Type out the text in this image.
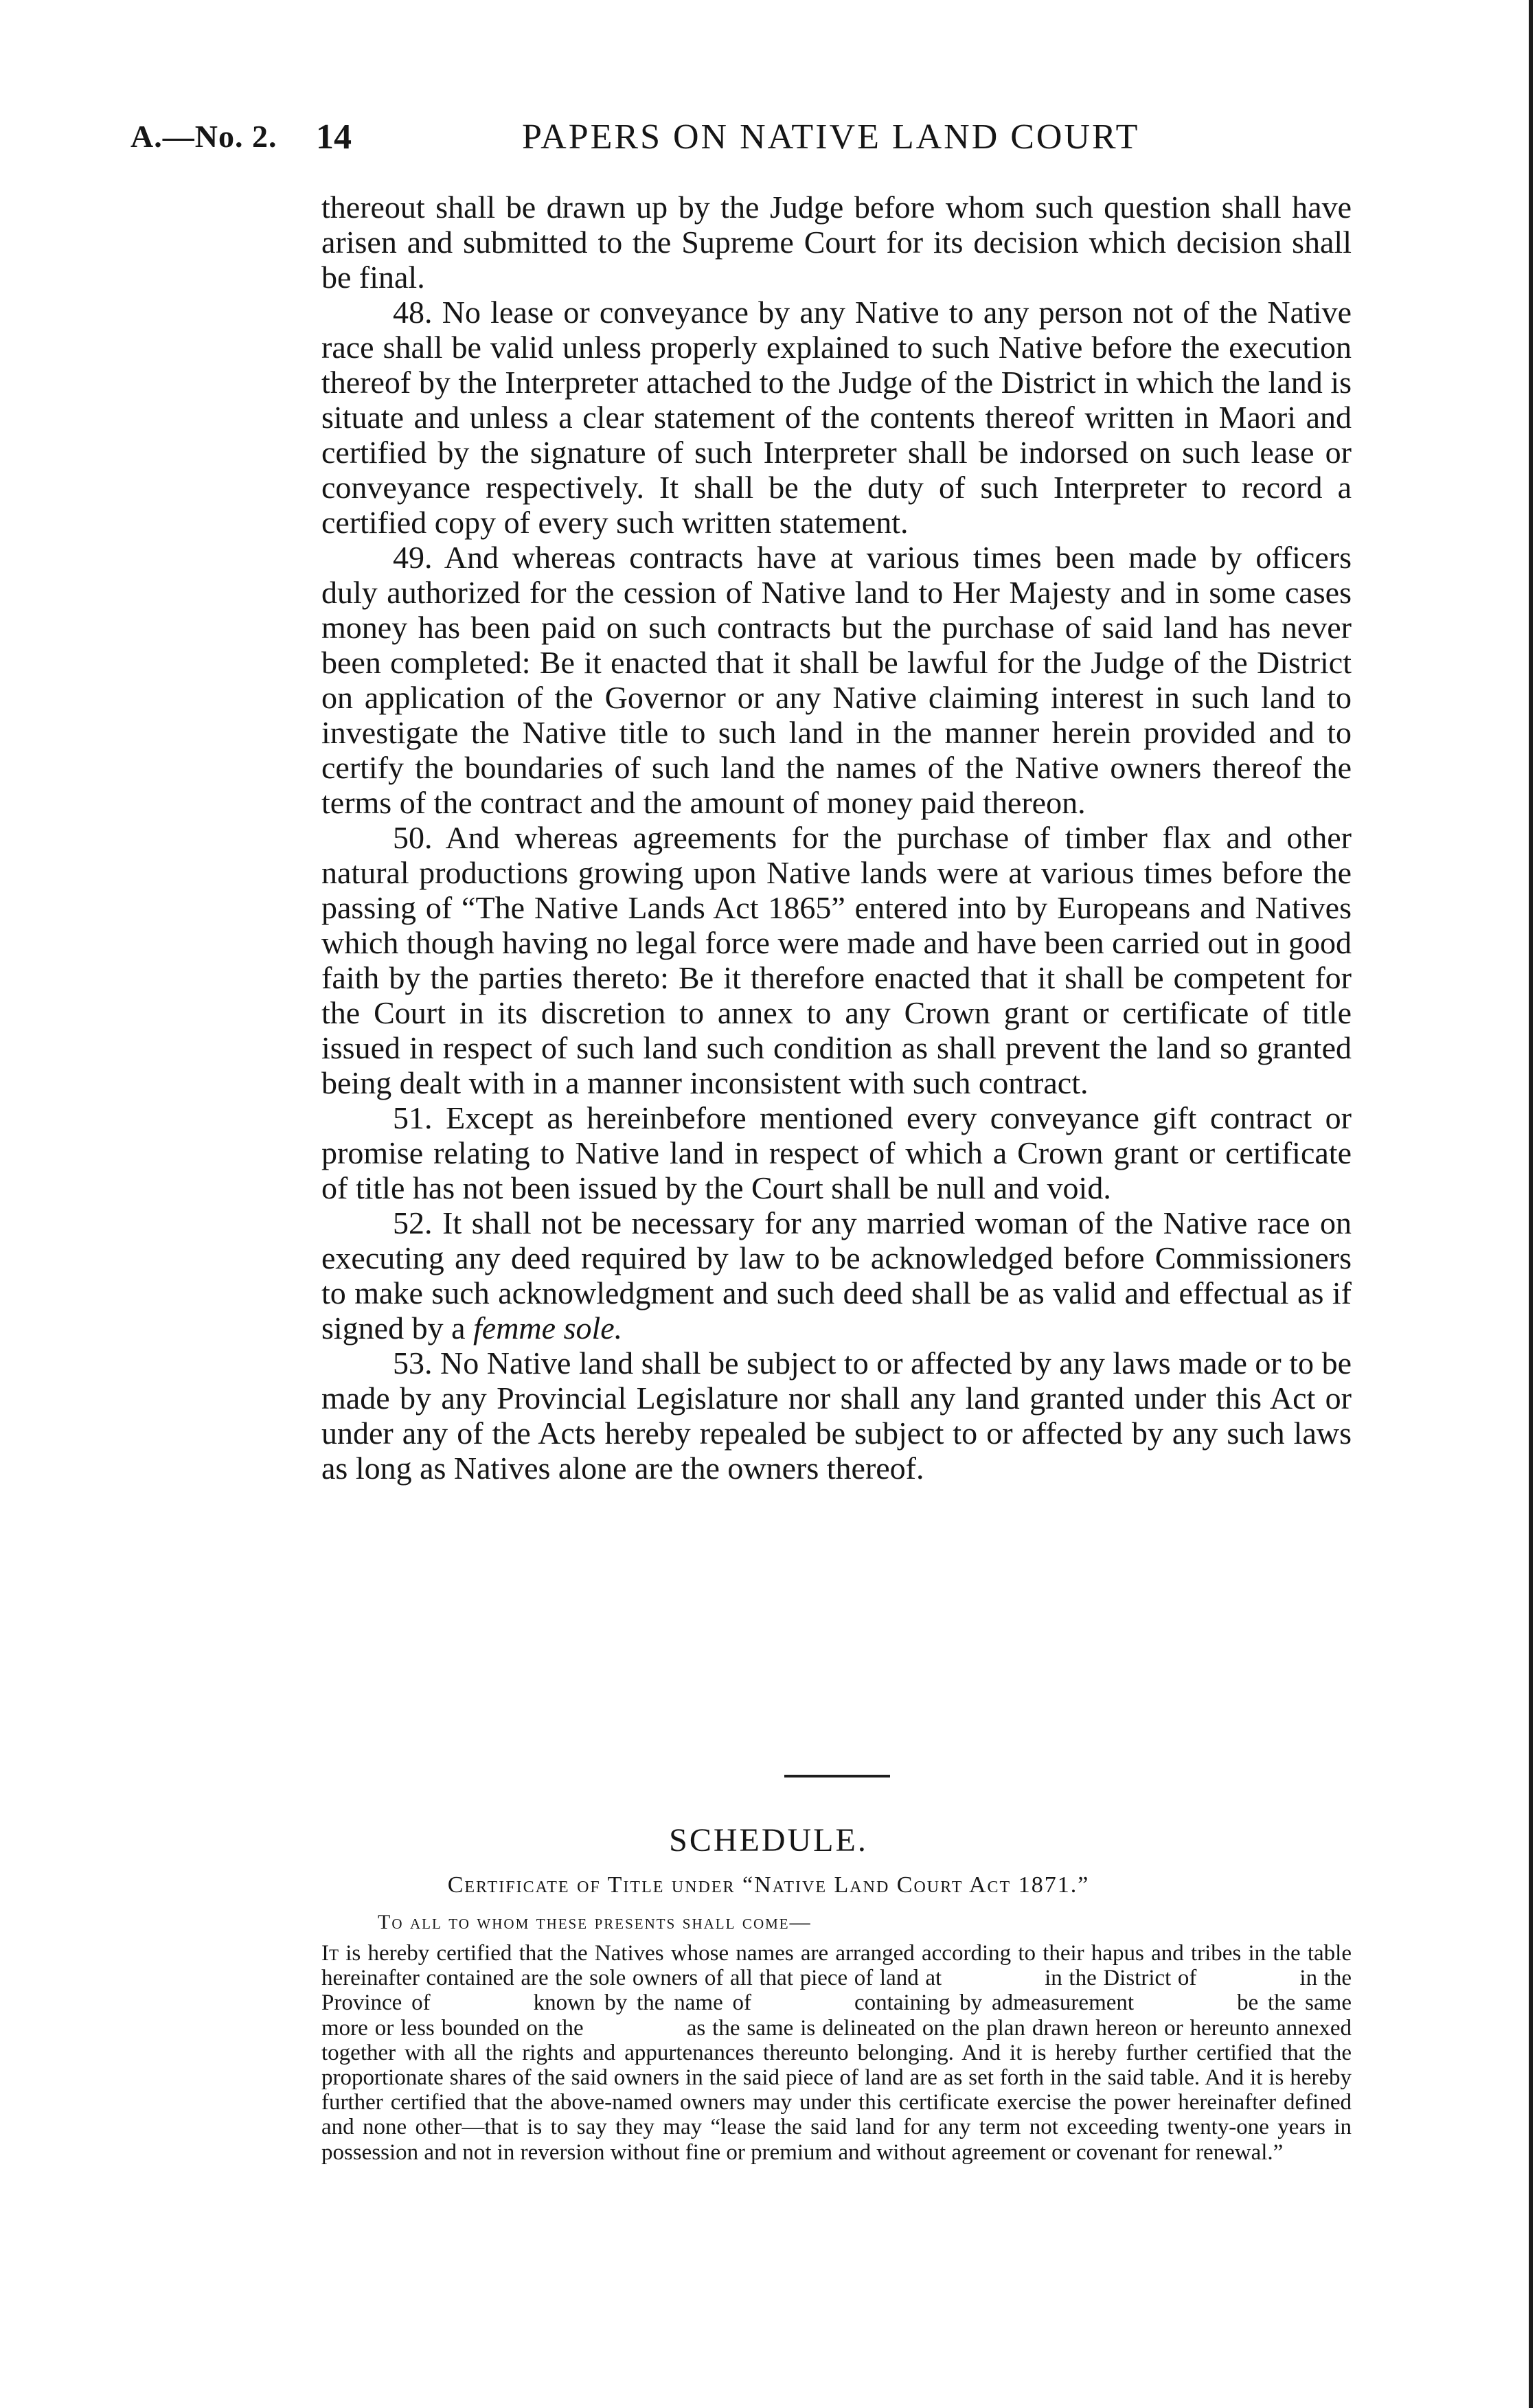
A.—No. 2. 14	PAPERS ON NATIVE LAND COURT

thereout shall be drawn up by the Judge before whom such question shall have arisen and submitted to the Supreme Court for its decision which decision shall be final.

48. No lease or conveyance by any Native to any person not of the Native race shall be valid unless properly explained to such Native before the execution thereof by the Interpreter attached to the Judge of the District in which the land is situate and unless a clear statement of the contents thereof written in Maori and certified by the signature of such Interpreter shall be indorsed on such lease or conveyance respectively. It shall be the duty of such Interpreter to record a certified copy of every such written statement.

49. And whereas contracts have at various times been made by officers duly authorized for the cession of Native land to Her Majesty and in some cases money has been paid on such contracts but the purchase of said land has never been completed: Be it enacted that it shall be lawful for the Judge of the District on application of the Governor or any Native claiming interest in such land to investigate the Native title to such land in the manner herein provided and to certify the boundaries of such land the names of the Native owners thereof the terms of the contract and the amount of money paid thereon.

50. And whereas agreements for the purchase of timber flax and other natural productions growing upon Native lands were at various times before the passing of “The Native Lands Act 1865” entered into by Europeans and Natives which though having no legal force were made and have been carried out in good faith by the parties thereto: Be it therefore enacted that it shall be competent for the Court in its discretion to annex to any Crown grant or certificate of title issued in respect of such land such condition as shall prevent the land so granted being dealt with in a manner inconsistent with such contract.

51. Except as hereinbefore mentioned every conveyance gift contract or promise relating to Native land in respect of which a Crown grant or certificate of title has not been issued by the Court shall be null and void.

52. It shall not be necessary for any married woman of the Native race on executing any deed required by law to be acknowledged before Commissioners to make such acknowledgment and such deed shall be as valid and effectual as if signed by a femme sole.

53. No Native land shall be subject to or affected by any laws made or to be made by any Provincial Legislature nor shall any land granted under this Act or under any of the Acts hereby repealed be subject to or affected by any such laws as long as Natives alone are the owners thereof.

SCHEDULE.
Certificate of Title under “Native Land Court Act 1871.”
To all to whom these presents shall come—

It is hereby certified that the Natives whose names are arranged according to their hapus and tribes in the table hereinafter contained are the sole owners of all that piece of land at	in the District of	in the Province of	known by the name of	containing by admeasurement	be the same more or less bounded on the	as the same is delineated on the plan drawn hereon or hereunto annexed together with all the rights and appurtenances thereunto belonging. And it is hereby further certified that the proportionate shares of the said owners in the said piece of land are as set forth in the said table. And it is hereby further certified that the above-named owners may under this certificate exercise the power hereinafter defined and none other—that is to say they may “lease the said land for any term not exceeding twenty-one years in possession and not in reversion without fine or premium and without agreement or covenant for renewal.”
